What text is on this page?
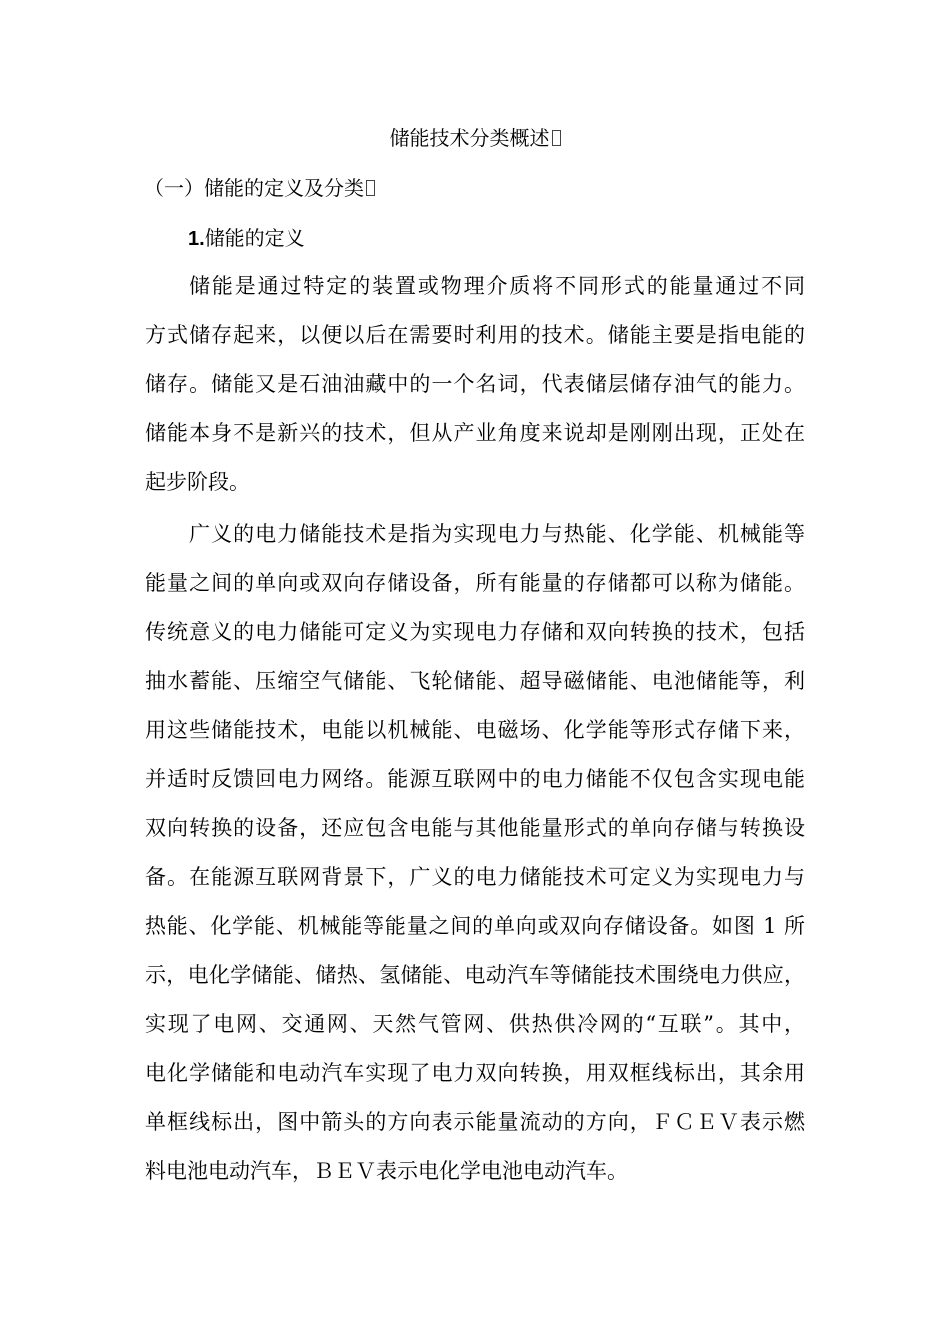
储能技术分类概述
（一）储能的定义及分类
1.储能的定义
储能是通过特定的装置或物理介质将不同形式的能量通过不同
方式储存起来，以便以后在需要时利用的技术。储能主要是指电能的
储存。储能又是石油油藏中的一个名词，代表储层储存油气的能力。
储能本身不是新兴的技术，但从产业角度来说却是刚刚出现，正处在
起步阶段。
广义的电力储能技术是指为实现电力与热能、化学能、机械能等
能量之间的单向或双向存储设备，所有能量的存储都可以称为储能。
传统意义的电力储能可定义为实现电力存储和双向转换的技术，包括
抽水蓄能、压缩空气储能、飞轮储能、超导磁储能、电池储能等，利
用这些储能技术，电能以机械能、电磁场、化学能等形式存储下来，
并适时反馈回电力网络。能源互联网中的电力储能不仅包含实现电能
双向转换的设备，还应包含电能与其他能量形式的单向存储与转换设
备。在能源互联网背景下，广义的电力储能技术可定义为实现电力与
热能、化学能、机械能等能量之间的单向或双向存储设备。如图 1 所
示，电化学储能、储热、氢储能、电动汽车等储能技术围绕电力供应，
实现了电网、交通网、天然气管网、供热供冷网的“互联”。其中，
电化学储能和电动汽车实现了电力双向转换，用双框线标出，其余用
单框线标出，图中箭头的方向表示能量流动的方向，ＦＣＥＶ表示燃
料电池电动汽车，ＢＥＶ表示电化学电池电动汽车。
